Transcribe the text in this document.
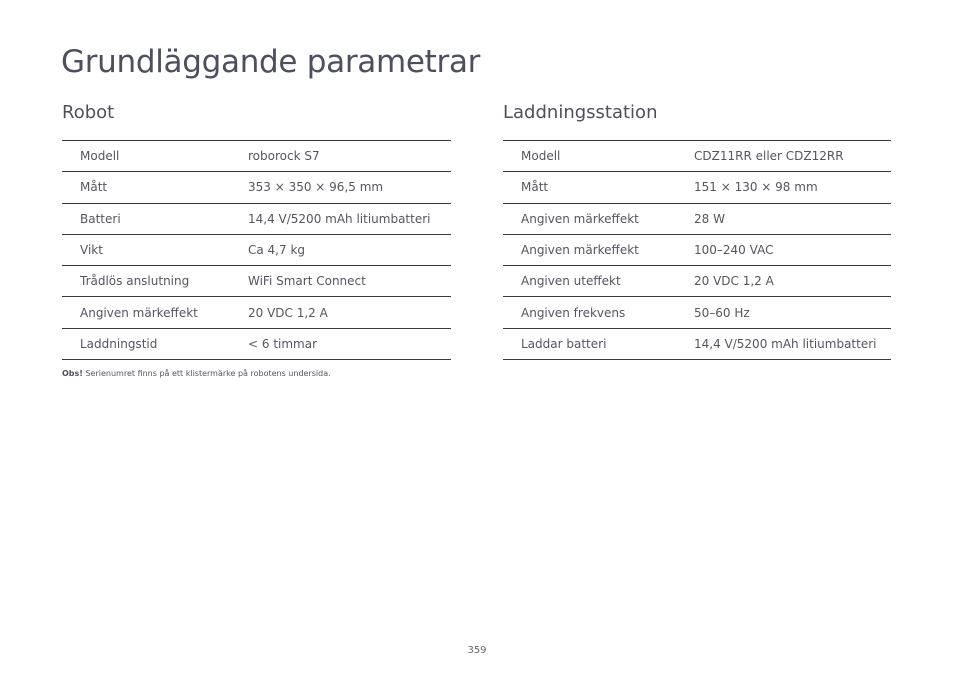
Grundläggande parametrar
Robot
Modell	roborock S7
Mått	353 × 350 × 96,5 mm
Batteri	14,4 V/5200 mAh litiumbatteri
Vikt	Ca 4,7 kg
Trådlös anslutning	WiFi Smart Connect
Angiven märkeffekt	20 VDC 1,2 A
Laddningstid	< 6 timmar
Laddningsstation
Modell	CDZ11RR eller CDZ12RR
Mått	151 × 130 × 98 mm
Angiven märkeffekt	28 W
Angiven märkeffekt	100–240 VAC
Angiven uteffekt	20 VDC 1,2 A
Angiven frekvens	50–60 Hz
Laddar batteri	14,4 V/5200 mAh litiumbatteri

Obs! Serienumret finns på ett klistermärke på robotens undersida.

359
